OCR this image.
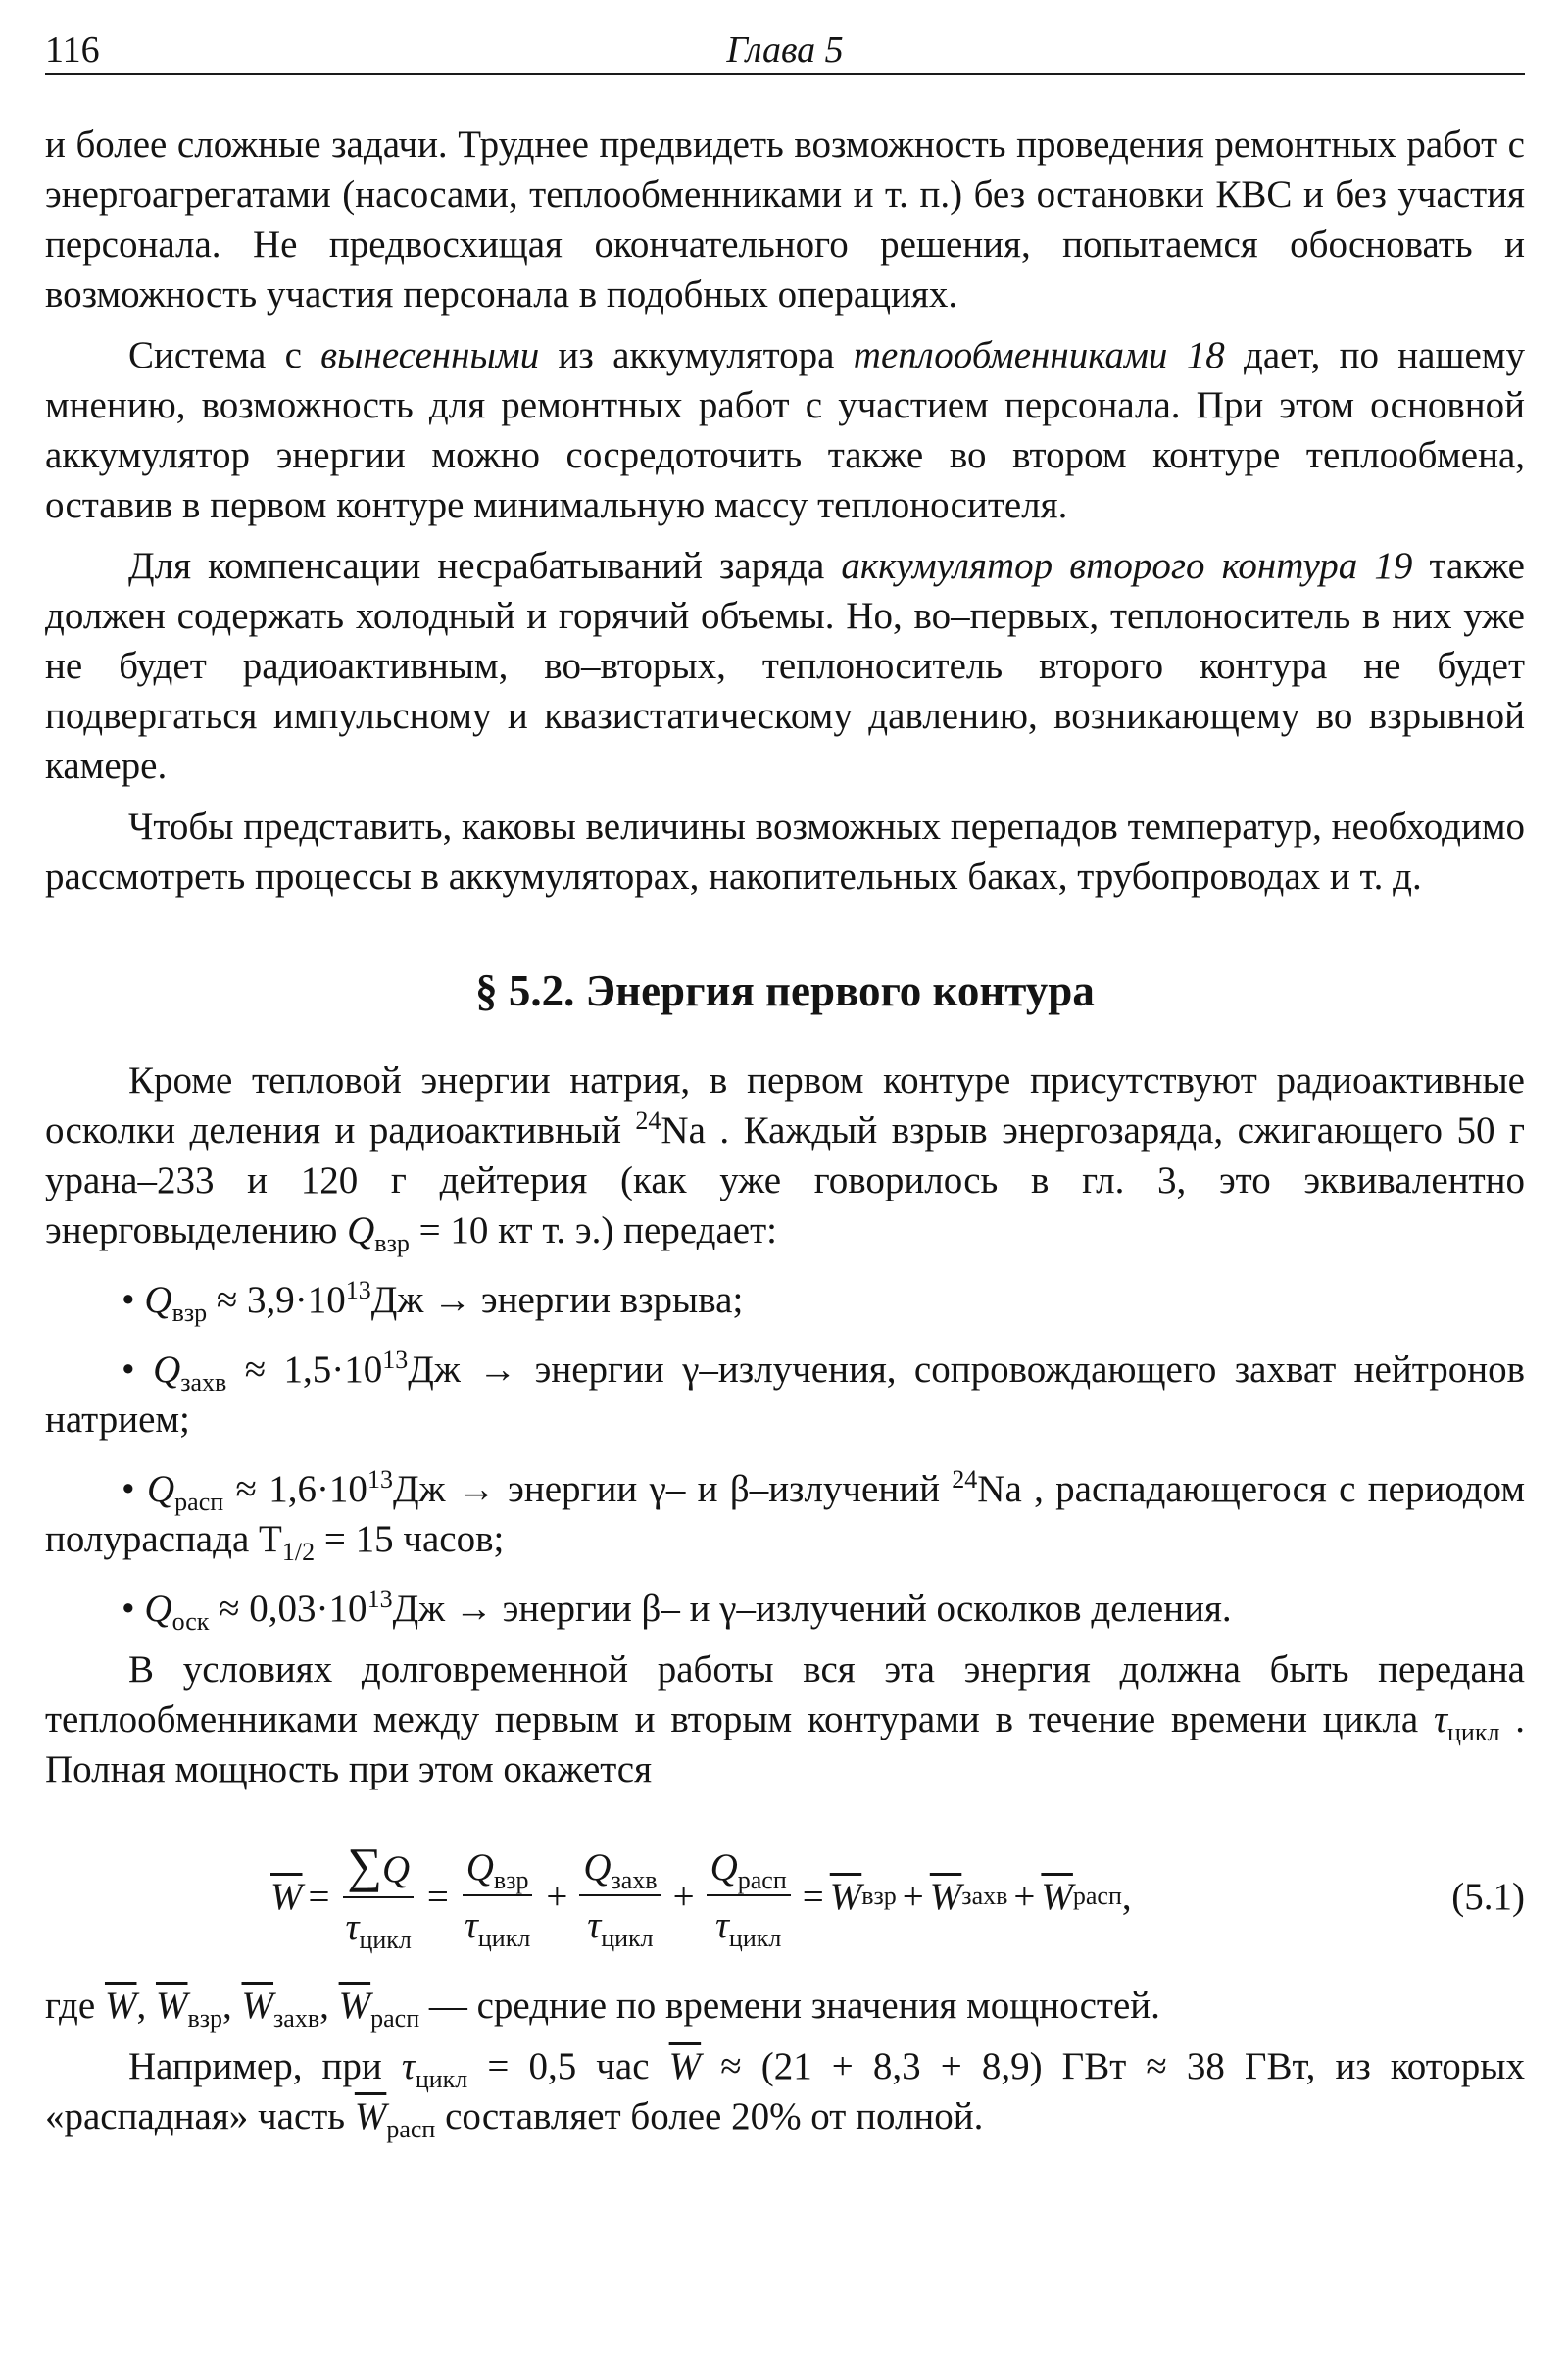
116	Глава 5

и более сложные задачи. Труднее предвидеть возможность проведения ремонтных работ с энергоагрегатами (насосами, теплообменниками и т. п.) без остановки КВС и без участия персонала. Не предвосхищая окончательного решения, попытаемся обосновать и возможность участия персонала в подобных операциях.

Система с вынесенными из аккумулятора теплообменниками 18 дает, по нашему мнению, возможность для ремонтных работ с участием персонала. При этом основной аккумулятор энергии можно сосредоточить также во втором контуре теплообмена, оставив в первом контуре минимальную массу теплоносителя.

Для компенсации несрабатываний заряда аккумулятор второго контура 19 также должен содержать холодный и горячий объемы. Но, во–первых, теплоноситель в них уже не будет радиоактивным, во–вторых, теплоноситель второго контура не будет подвергаться импульсному и квазистатическому давлению, возникающему во взрывной камере.

Чтобы представить, каковы величины возможных перепадов температур, необходимо рассмотреть процессы в аккумуляторах, накопительных баках, трубопроводах и т. д.

§ 5.2. Энергия первого контура

Кроме тепловой энергии натрия, в первом контуре присутствуют радиоактивные осколки деления и радиоактивный $^{24}$Na . Каждый взрыв энергозаряда, сжигающего 50 г урана–233 и 120 г дейтерия (как уже говорилось в гл. 3, это эквивалентно энерговыделению $Q_{взр} = 10$ кт т. э.) передает:

• $Q_{взр} \approx 3,9\cdot 10^{13}Дж$ → энергии взрыва;

• $Q_{захв} \approx 1,5\cdot 10^{13}Дж$ → энергии γ–излучения, сопровождающего захват нейтронов натрием;

• $Q_{расп} \approx 1,6\cdot 10^{13}Дж$ → энергии γ– и β–излучений $^{24}$Na , распадающегося с периодом полураспада $T_{1/2} = 15$ часов;

• $Q_{оск} \approx 0,03\cdot 10^{13}Дж$ → энергии β– и γ–излучений осколков деления.

В условиях долговременной работы вся эта энергия должна быть передана теплообменниками между первым и вторым контурами в течение времени цикла $\tau_{цикл}$ . Полная мощность при этом окажется

$\overline{W} = \frac{\sum Q}{\tau_{цикл}} = \frac{Q_{взр}}{\tau_{цикл}} + \frac{Q_{захв}}{\tau_{цикл}} + \frac{Q_{расп}}{\tau_{цикл}} = \overline{W}$ взр + $\overline{W}$ захв + $\overline{W}$ расп ,	(5.1)

где $\overline{W}$, $\overline{W}_{взр}$, $\overline{W}_{захв}$, $\overline{W}_{расп}$ — средние по времени значения мощностей.

Например, при $\tau_{цикл} = 0,5$ час $\overline{W} \approx (21 + 8,3 + 8,9)$ ГВт ≈ 38 ГВт, из которых «распадная» часть $\overline{W}_{расп}$ составляет более 20% от полной.
